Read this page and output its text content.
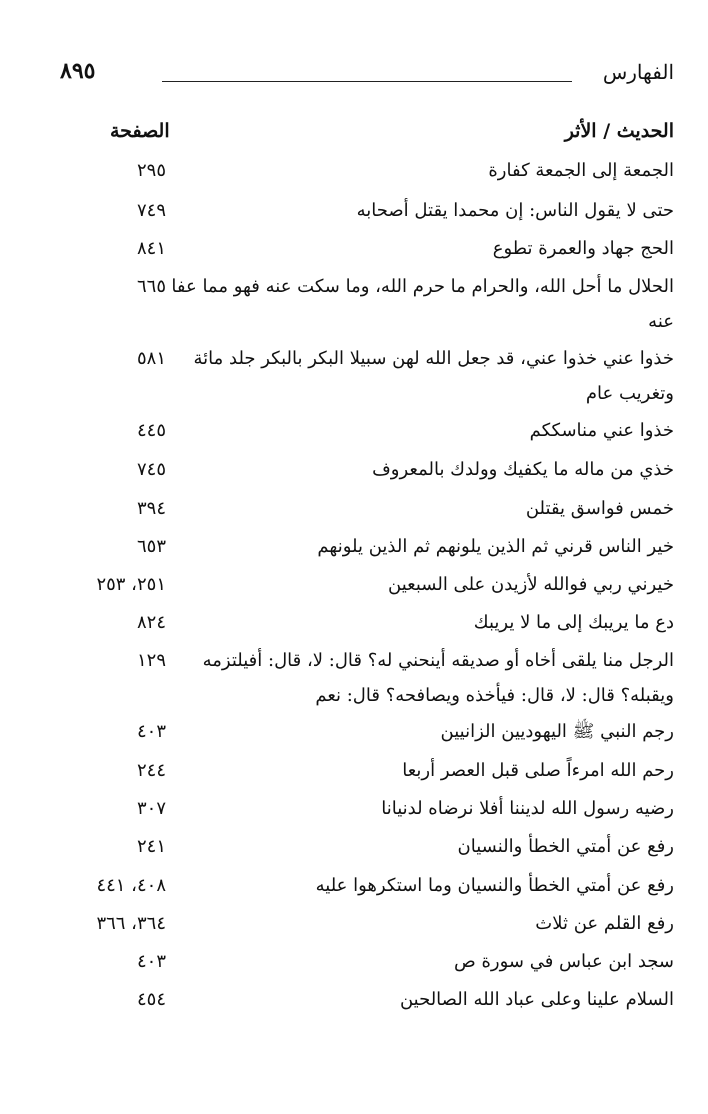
الفهارس
٨٩٥
الحديث / الأثر
الصفحة
الجمعة إلى الجمعة كفارة
٢٩٥
حتى لا يقول الناس: إن محمدا يقتل أصحابه
٧٤٩
الحج جهاد والعمرة تطوع
٨٤١
الحلال ما أحل الله، والحرام ما حرم الله، وما سكت عنه فهو مما عفا
عنه
٦٦٥
خذوا عني خذوا عني، قد جعل الله لهن سبيلا البكر بالبكر جلد مائة
وتغريب عام
٥٨١
خذوا عني مناسككم
٤٤٥
خذي من ماله ما يكفيك وولدك بالمعروف
٧٤٥
خمس فواسق يقتلن
٣٩٤
خير الناس قرني ثم الذين يلونهم ثم الذين يلونهم
٦٥٣
خيرني ربي فوالله لأزيدن على السبعين
٢٥١، ٢٥٣
دع ما يريبك إلى ما لا يريبك
٨٢٤
الرجل منا يلقى أخاه أو صديقه أينحني له؟ قال: لا، قال: أفيلتزمه
ويقبله؟ قال: لا، قال: فيأخذه ويصافحه؟ قال: نعم
١٢٩
رجم النبي ﷺ اليهوديين الزانيين
٤٠٣
رحم الله امرءاً صلى قبل العصر أربعا
٢٤٤
رضيه رسول الله لديننا أفلا نرضاه لدنيانا
٣٠٧
رفع عن أمتي الخطأ والنسيان
٢٤١
رفع عن أمتي الخطأ والنسيان وما استكرهوا عليه
٤٠٨، ٤٤١
رفع القلم عن ثلاث
٣٦٤، ٣٦٦
سجد ابن عباس في سورة ص
٤٠٣
السلام علينا وعلى عباد الله الصالحين
٤٥٤
